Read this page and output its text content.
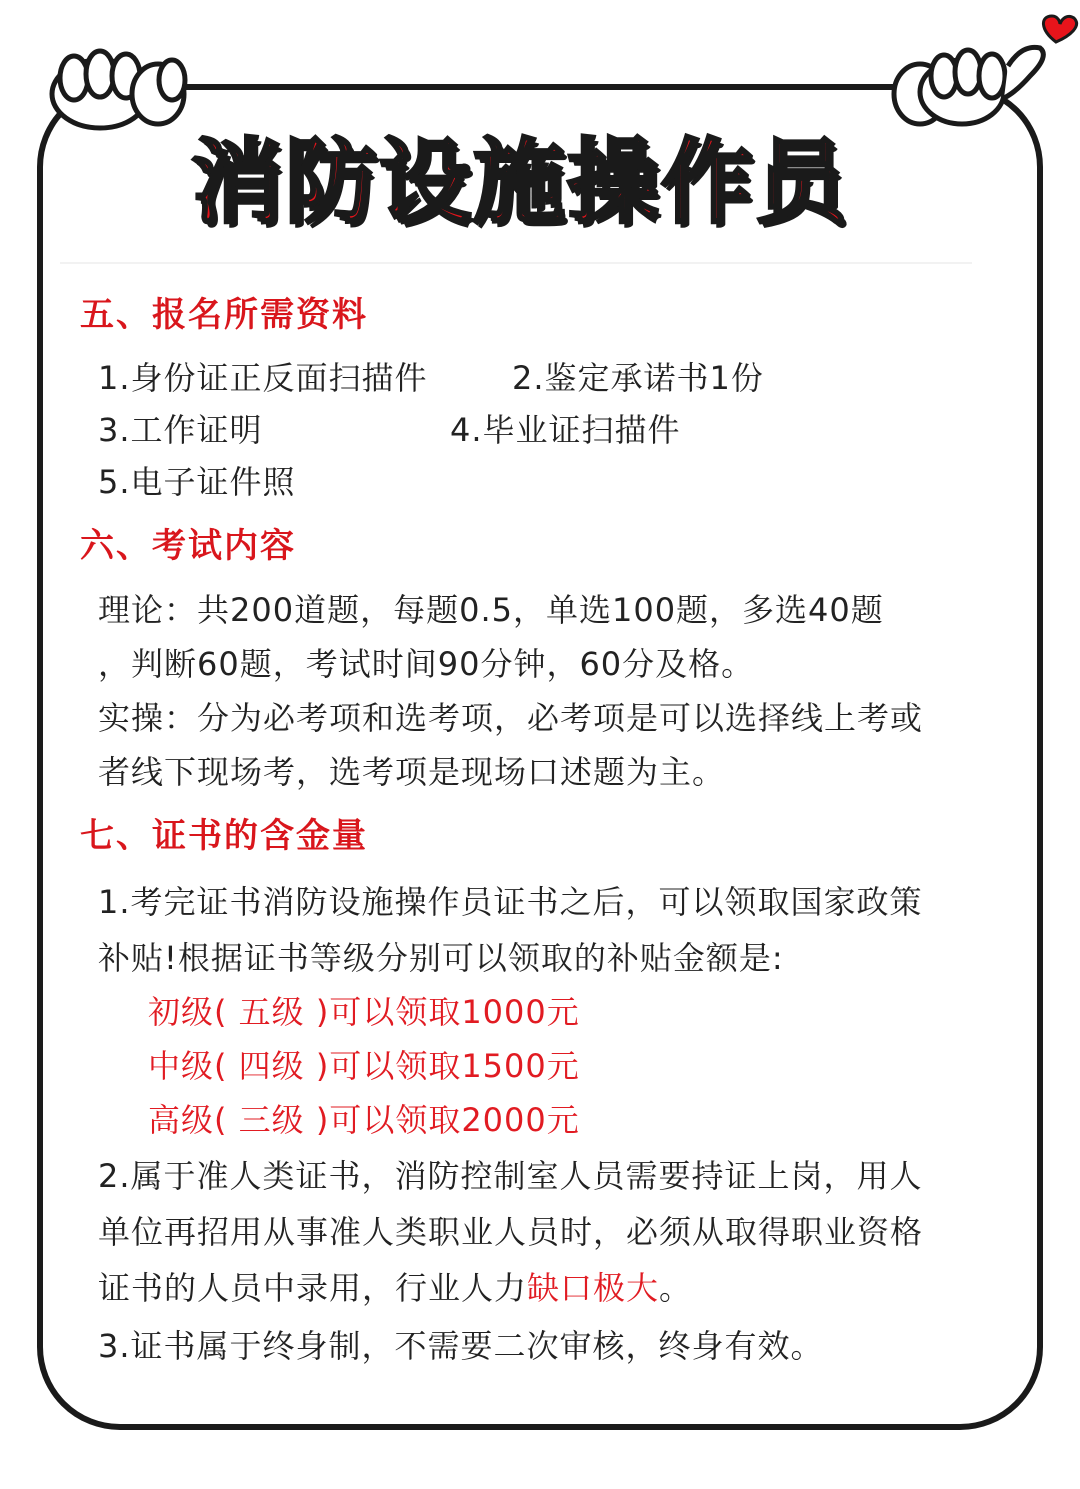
消防设施操作员
五、报名所需资料
1.身份证正反面扫描件	2.鉴定承诺书1份
3.工作证明	4.毕业证扫描件
5.电子证件照
六、考试内容
理论：共200道题，每题0.5，单选100题，多选40题
，判断60题，考试时间90分钟，60分及格。
实操：分为必考项和选考项，必考项是可以选择线上考或
者线下现场考，选考项是现场口述题为主。
七、证书的含金量
1.考完证书消防设施操作员证书之后，可以领取国家政策
补贴!根据证书等级分别可以领取的补贴金额是:
初级( 五级 )可以领取1000元
中级( 四级 )可以领取1500元
高级( 三级 )可以领取2000元
2.属于准人类证书，消防控制室人员需要持证上岗，用人
单位再招用从事准人类职业人员时，必须从取得职业资格
证书的人员中录用，行业人力缺口极大。
3.证书属于终身制，不需要二次审核，终身有效。
